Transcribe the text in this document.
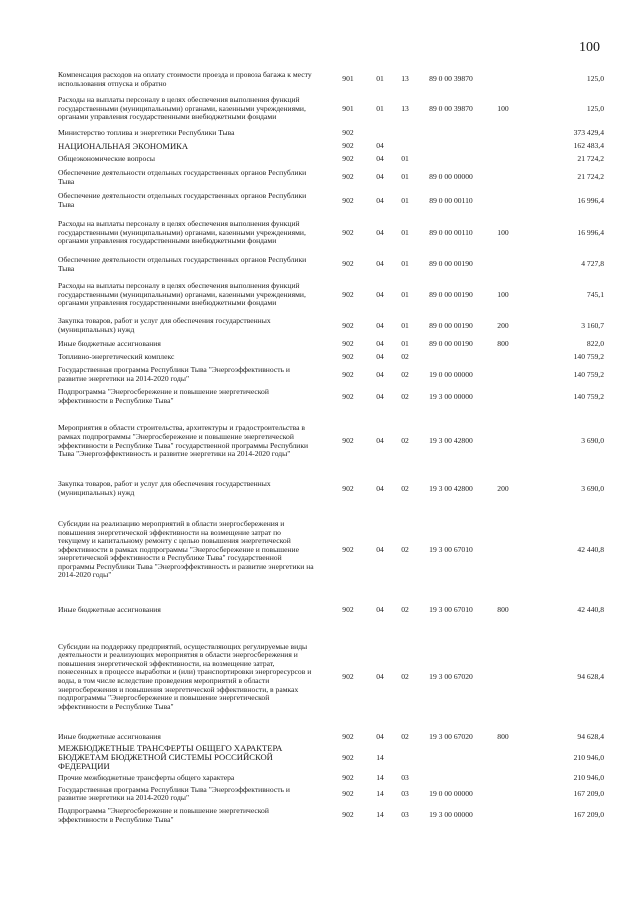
100
Компенсация расходов на оплату стоимости проезда и провоза багажа к месту использования отпуска и обратно	901	01	13	89 0 00 39870		125,0
Расходы на выплаты персоналу в целях обеспечения выполнения функций государственными (муниципальными) органами, казенными учреждениями, органами управления государственными внебюджетными фондами	901	01	13	89 0 00 39870	100	125,0
Министерство топлива и энергетики Республики Тыва	902					373 429,4
НАЦИОНАЛЬНАЯ ЭКОНОМИКА	902	04				162 483,4
Общеэкономические вопросы	902	04	01			21 724,2
Обеспечение деятельности отдельных государственных органов Республики Тыва	902	04	01	89 0 00 00000		21 724,2
Обеспечение деятельности отдельных государственных органов Республики Тыва	902	04	01	89 0 00 00110		16 996,4
Расходы на выплаты персоналу в целях обеспечения выполнения функций государственными (муниципальными) органами, казенными учреждениями, органами управления государственными внебюджетными фондами	902	04	01	89 0 00 00110	100	16 996,4
Обеспечение деятельности отдельных государственных органов Республики Тыва	902	04	01	89 0 00 00190		4 727,8
Расходы на выплаты персоналу в целях обеспечения выполнения функций государственными (муниципальными) органами, казенными учреждениями, органами управления государственными внебюджетными фондами	902	04	01	89 0 00 00190	100	745,1
Закупка товаров, работ и услуг для обеспечения государственных (муниципальных) нужд	902	04	01	89 0 00 00190	200	3 160,7
Иные бюджетные ассигнования	902	04	01	89 0 00 00190	800	822,0
Топливно-энергетический комплекс	902	04	02			140 759,2
Государственная программа Республики Тыва "Энергоэффективность и развитие энергетики на 2014-2020 годы"	902	04	02	19 0 00 00000		140 759,2
Подпрограмма "Энергосбережение и повышение энергетической эффективности в Республике Тыва"	902	04	02	19 3 00 00000		140 759,2
Мероприятия в области строительства, архитектуры и градостроительства в рамках подпрограммы "Энергосбережение и повышение энергетической эффективности в Республике Тыва" государственной программы Республики Тыва "Энергоэффективность и развитие энергетики на 2014-2020 годы"	902	04	02	19 3 00 42800		3 690,0
Закупка товаров, работ и услуг для обеспечения государственных (муниципальных) нужд	902	04	02	19 3 00 42800	200	3 690,0
Субсидии на реализацию мероприятий в области энергосбережения и повышения энергетической эффективности на возмещение затрат по текущему и капитальному ремонту с целью повышения энергетической эффективности в рамках подпрограммы "Энергосбережение и повышение энергетической эффективности в Республике Тыва" государственной программы Республики Тыва "Энергоэффективность и развитие энергетики на 2014-2020 годы"	902	04	02	19 3 00 67010		42 440,8
Иные бюджетные ассигнования	902	04	02	19 3 00 67010	800	42 440,8
Субсидии на поддержку предприятий, осуществляющих регулируемые виды деятельности и реализующих мероприятия в области энергосбережения и повышения энергетической эффективности, на возмещение затрат, понесенных в процессе выработки и (или) транспортировки энергоресурсов и воды, в том числе вследствие проведения мероприятий в области энергосбережения и повышения энергетической эффективности, в рамках подпрограммы "Энергосбережение и повышение энергетической эффективности в Республике Тыва"	902	04	02	19 3 00 67020		94 628,4
Иные бюджетные ассигнования	902	04	02	19 3 00 67020	800	94 628,4
МЕЖБЮДЖЕТНЫЕ ТРАНСФЕРТЫ ОБЩЕГО ХАРАКТЕРА БЮДЖЕТАМ БЮДЖЕТНОЙ СИСТЕМЫ РОССИЙСКОЙ ФЕДЕРАЦИИ	902	14				210 946,0
Прочие межбюджетные трансферты общего характера	902	14	03			210 946,0
Государственная программа Республики Тыва "Энергоэффективность и развитие энергетики на 2014-2020 годы"	902	14	03	19 0 00 00000		167 209,0
Подпрограмма "Энергосбережение и повышение энергетической эффективности в Республике Тыва"	902	14	03	19 3 00 00000		167 209,0
